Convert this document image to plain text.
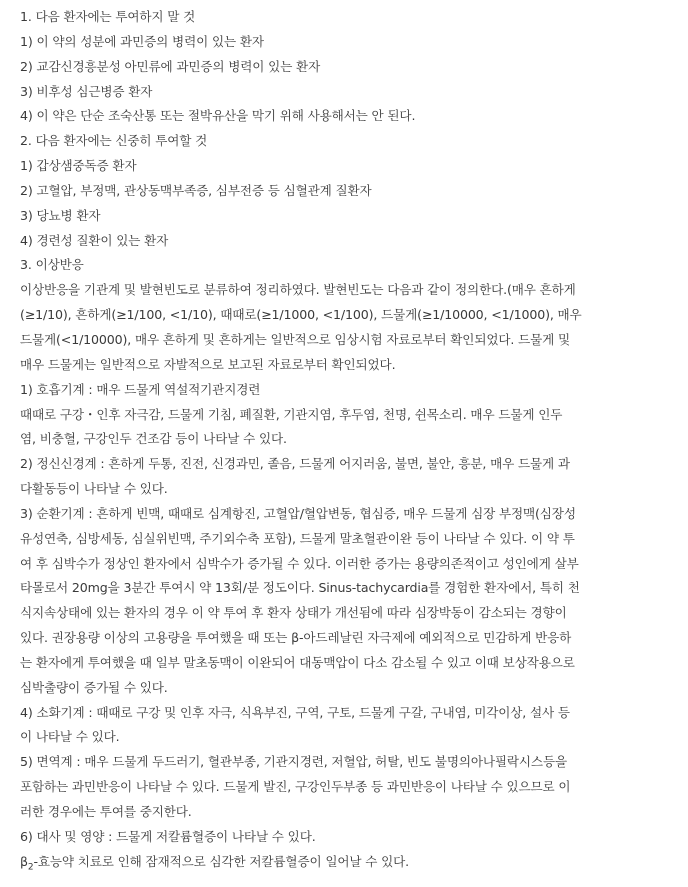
1. 다음 환자에는 투여하지 말 것
1) 이 약의 성분에 과민증의 병력이 있는 환자
2) 교감신경흥분성 아민류에 과민증의 병력이 있는 환자
3) 비후성 심근병증 환자
4) 이 약은 단순 조숙산통 또는 절박유산을 막기 위해 사용해서는 안 된다.
2. 다음 환자에는 신중히 투여할 것
1) 갑상샘중독증 환자
2) 고혈압, 부정맥, 관상동맥부족증, 심부전증 등 심혈관계 질환자
3) 당뇨병 환자
4) 경련성 질환이 있는 환자
3. 이상반응
이상반응을 기관계 및 발현빈도로 분류하여 정리하였다. 발현빈도는 다음과 같이 정의한다.(매우 흔하게
(≥1/10), 흔하게(≥1/100, <1/10), 때때로(≥1/1000, <1/100), 드물게(≥1/10000, <1/1000), 매우
드물게(<1/10000), 매우 흔하게 및 흔하게는 일반적으로 임상시험 자료로부터 확인되었다. 드물게 및
매우 드물게는 일반적으로 자발적으로 보고된 자료로부터 확인되었다.
1) 호흡기계 : 매우 드물게 역설적기관지경련
때때로 구강・인후 자극감, 드물게 기침, 폐질환, 기관지염, 후두염, 천명, 쉰목소리. 매우 드물게 인두
염, 비충혈, 구강인두 건조감 등이 나타날 수 있다.
2) 정신신경계 : 흔하게 두통, 진전, 신경과민, 졸음, 드물게 어지러움, 불면, 불안, 흥분, 매우 드물게 과
다활동등이 나타날 수 있다.
3) 순환기계 : 흔하게 빈맥, 때때로 심계항진, 고혈압/혈압변동, 협심증, 매우 드물게 심장 부정맥(심장성
유성연축, 심방세동, 심실위빈맥, 주기외수축 포함), 드물게 말초혈관이완 등이 나타날 수 있다. 이 약 투
여 후 심박수가 정상인 환자에서 심박수가 증가될 수 있다. 이러한 증가는 용량의존적이고 성인에게 살부
타몰로서 20mg을 3분간 투여시 약 13회/분 정도이다. Sinus-tachycardia를 경험한 환자에서, 특히 천
식지속상태에 있는 환자의 경우 이 약 투여 후 환자 상태가 개선됨에 따라 심장박동이 감소되는 경향이
있다. 권장용량 이상의 고용량을 투여했을 때 또는 β-아드레날린 자극제에 예외적으로 민감하게 반응하
는 환자에게 투여했을 때 일부 말초동맥이 이완되어 대동맥압이 다소 감소될 수 있고 이때 보상작용으로
심박출량이 증가될 수 있다.
4) 소화기계 : 때때로 구강 및 인후 자극, 식욕부진, 구역, 구토, 드물게 구갈, 구내염, 미각이상, 설사 등
이 나타날 수 있다.
5) 면역계 : 매우 드물게 두드러기, 혈관부종, 기관지경련, 저혈압, 허탈, 빈도 불명의아나필락시스등을
포함하는 과민반응이 나타날 수 있다. 드물게 발진, 구강인두부종 등 과민반응이 나타날 수 있으므로 이
러한 경우에는 투여를 중지한다.
6) 대사 및 영양 : 드물게 저칼륨혈증이 나타날 수 있다.
$\beta_2-$효능약 치료로 인해 잠재적으로 심각한 저칼륨혈증이 일어날 수 있다.
